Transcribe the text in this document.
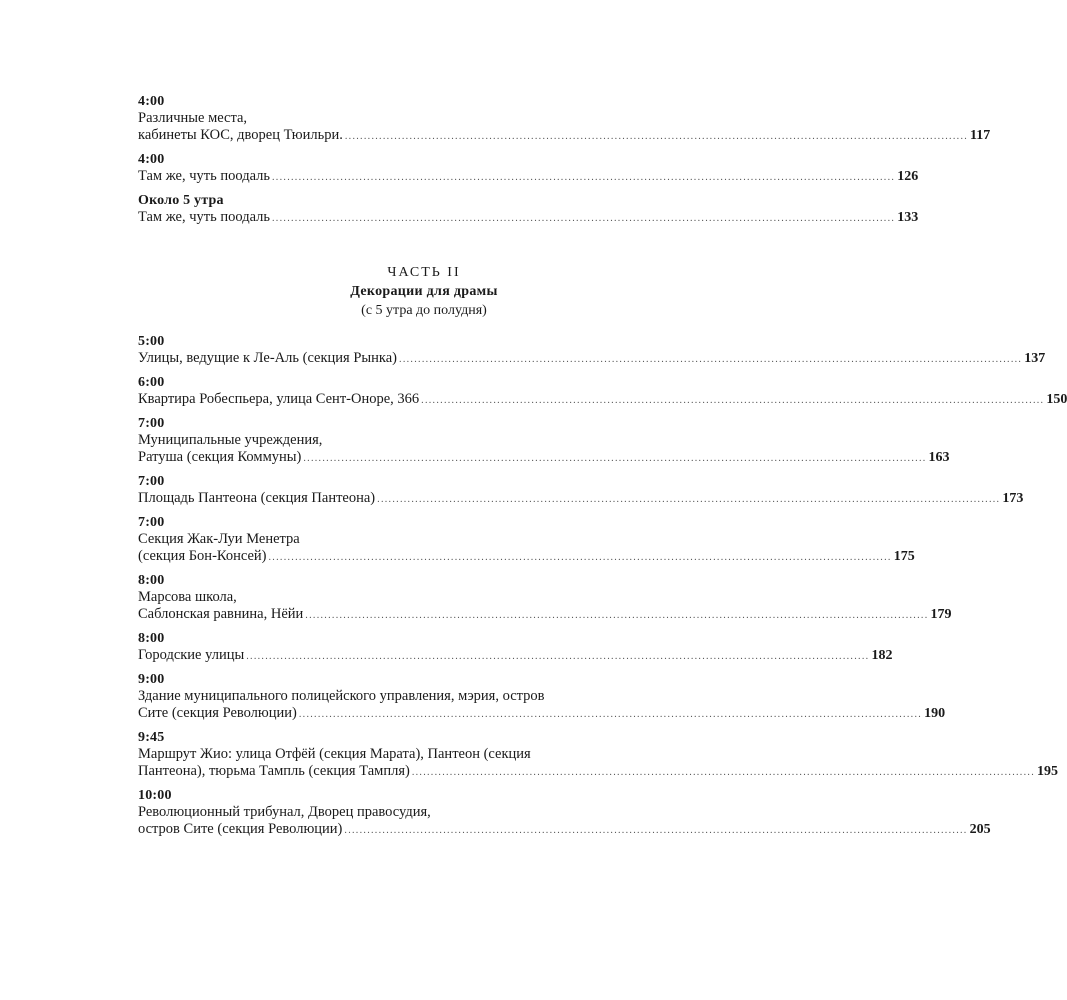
4:00
Различные места,
кабинеты КОС, дворец Тюильри. .................................................................................................................................................................... 117
4:00
Там же, чуть поодаль .................................................................................................................................................................... 126
Около 5 утра
Там же, чуть поодаль .................................................................................................................................................................... 133
ЧАСТЬ II
Декорации для драмы
(с 5 утра до полудня)
5:00
Улицы, ведущие к Ле-Аль (секция Рынка) .................................................................................................................................................................... 137
6:00
Квартира Робеспьера, улица Сент-Оноре, 366 .................................................................................................................................................................... 150
7:00
Муниципальные учреждения,
Ратуша (секция Коммуны) .................................................................................................................................................................... 163
7:00
Площадь Пантеона (секция Пантеона) .................................................................................................................................................................... 173
7:00
Секция Жак-Луи Менетра
(секция Бон-Консей) .................................................................................................................................................................... 175
8:00
Марсова школа,
Саблонская равнина, Нёйи .................................................................................................................................................................... 179
8:00
Городские улицы .................................................................................................................................................................... 182
9:00
Здание муниципального полицейского управления, мэрия, остров
Сите (секция Революции) .................................................................................................................................................................... 190
9:45
Маршрут Жио: улица Отфёй (секция Марата), Пантеон (секция
Пантеона), тюрьма Тампль (секция Тампля) .................................................................................................................................................................... 195
10:00
Революционный трибунал, Дворец правосудия,
остров Сите (секция Революции) .................................................................................................................................................................... 205
